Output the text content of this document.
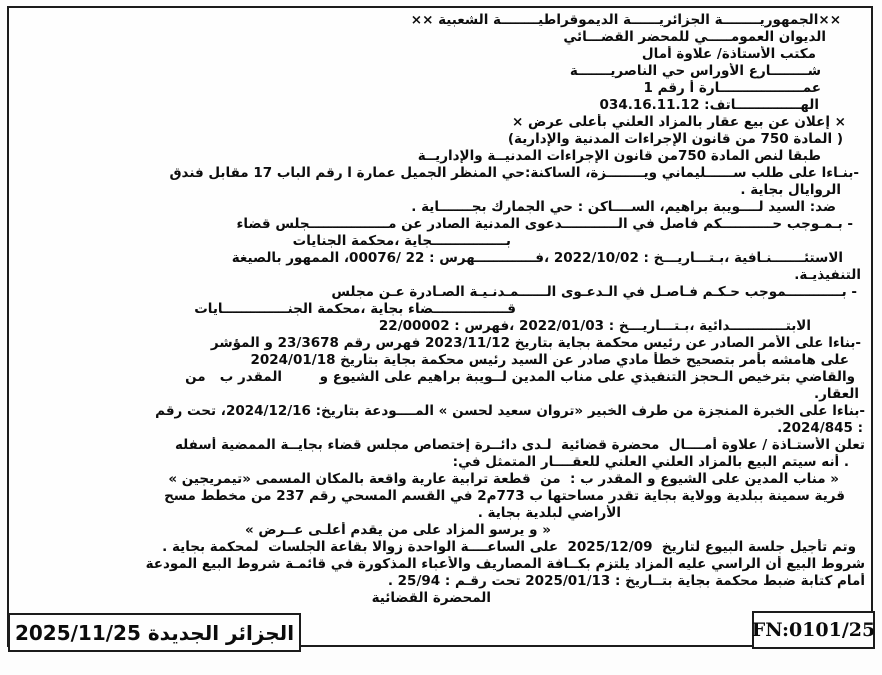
××الجمهوريــــــــة الجزائريــــــة الديموقراطيــــــــة الشعبية ××
الديوان العمومـــــي للمحضر القضـــائي
مكتب الأستاذة/ علاوة أمال
شــــــــارع الأوراس حي الناصريـــــــة
عمــــــــــــــــــارة أ رقم 1
الهــــــــــــــاتف: 034.16.11.12
× إعلان عن بيع عقار بالمزاد العلني بأعلى عرض ×
( المادة 750 من قانون الإجراءات المدنية والإدارية)
طبقا لنص المادة 750من قانون الإجراءات المدنيــة والإداريــة
-بنـاءا على طلب ســــــليماني ويــــــــزة، الساكنة:حي المنظر الجميل عمارة ا رقم الباب 17 مقابل فندق
الروايال بجاية .
ضد: السيد لــــويبة براهيم، الســــاكن : حي الجمارك بجـــــــاية .
- بـمـوجب حـــــــــــكم فاصل في الــــــــــــدعوى المدنية الصادر عن مـــــــــــــــــجلس قضاء
بــــــــــــــــجاية ،محكمة الجنايات
الاستئـــــــنـافية ،بـتـــاريـــخ : 2022/10/02 ،فـــــــــــــهرس : ‎00076/ 22‎، الممهور بالصيغة
التنفيذيـة.
- بــــــــــــموجب حـكـم فـاصـل في الـدعـوى الــــــمـدنـيـة الصـادرة عـن مجلس
قــــــــــــــــضاء بجاية ،محكمة الجنــــــــــــــايات
الابتــــــــــــدائية ،بـتـــاريـــخ : 2022/01/03 ،فهرس : 22/00002
-بناءا على الأمر الصادر عن رئيس محكمة بجاية بتاريخ 2023/11/12 فهرس رقم 23/3678 و المؤشر
على هامشه بأمر بتصحيح خطأ مادي صادر عن السيد رئيس محكمة بجاية بتاريخ 2024/01/18
والقاضي بترخيص الـحجز التنفيذي على مناب المدين لــويبة براهيم على الشيوع و        المقدر ب   من
العقار.
-بناءا على الخبرة المنجزة من طرف الخبير «تروان سعيد لحسن » المــــودعة بتاريخ: 2024/12/16، تحت رقم
: 2024/845.
تعلن الأستـاذة / علاوة أمــــال  محضرة قضائية  لـدى دائــرة إختصاص مجلس قضاء بجايــة الممضية أسفله
. أنه سيتم البيع بالمزاد العلني العلني للعقــــار المتمثل في:
« مناب المدين على الشيوع و المقدر ب :  من  قطعة ترابية عارية واقعة بالمكان المسمى «تيمريجين »
قرية سمينة ببلدية وولاية بجاية تقدر مساحتها ب 773م2 في القسم المسحي رقم 237 من مخطط مسح
الأراضي لبلدية بجاية .
« و يرسو المزاد على من يقدم أعلـى عــرض »
وتم تأجيل جلسة البيوع لتاريخ  2025/12/09  على الساعــــة الواحدة زوالا بقاعة الجلسات  لمحكمة بجاية .
شروط البيع أن الراسي عليه المزاد يلتزم بكــافة المصاريف والأعباء المذكورة في قائمـة شروط البيع المودعة
أمام كتابة ضبط محكمة بجاية بتــاريخ : 2025/01/13 تحت رقـم : 25/94 .
المحضرة القضائية
الجزائر الجديدة 2025/11/25	FN:0101/25
